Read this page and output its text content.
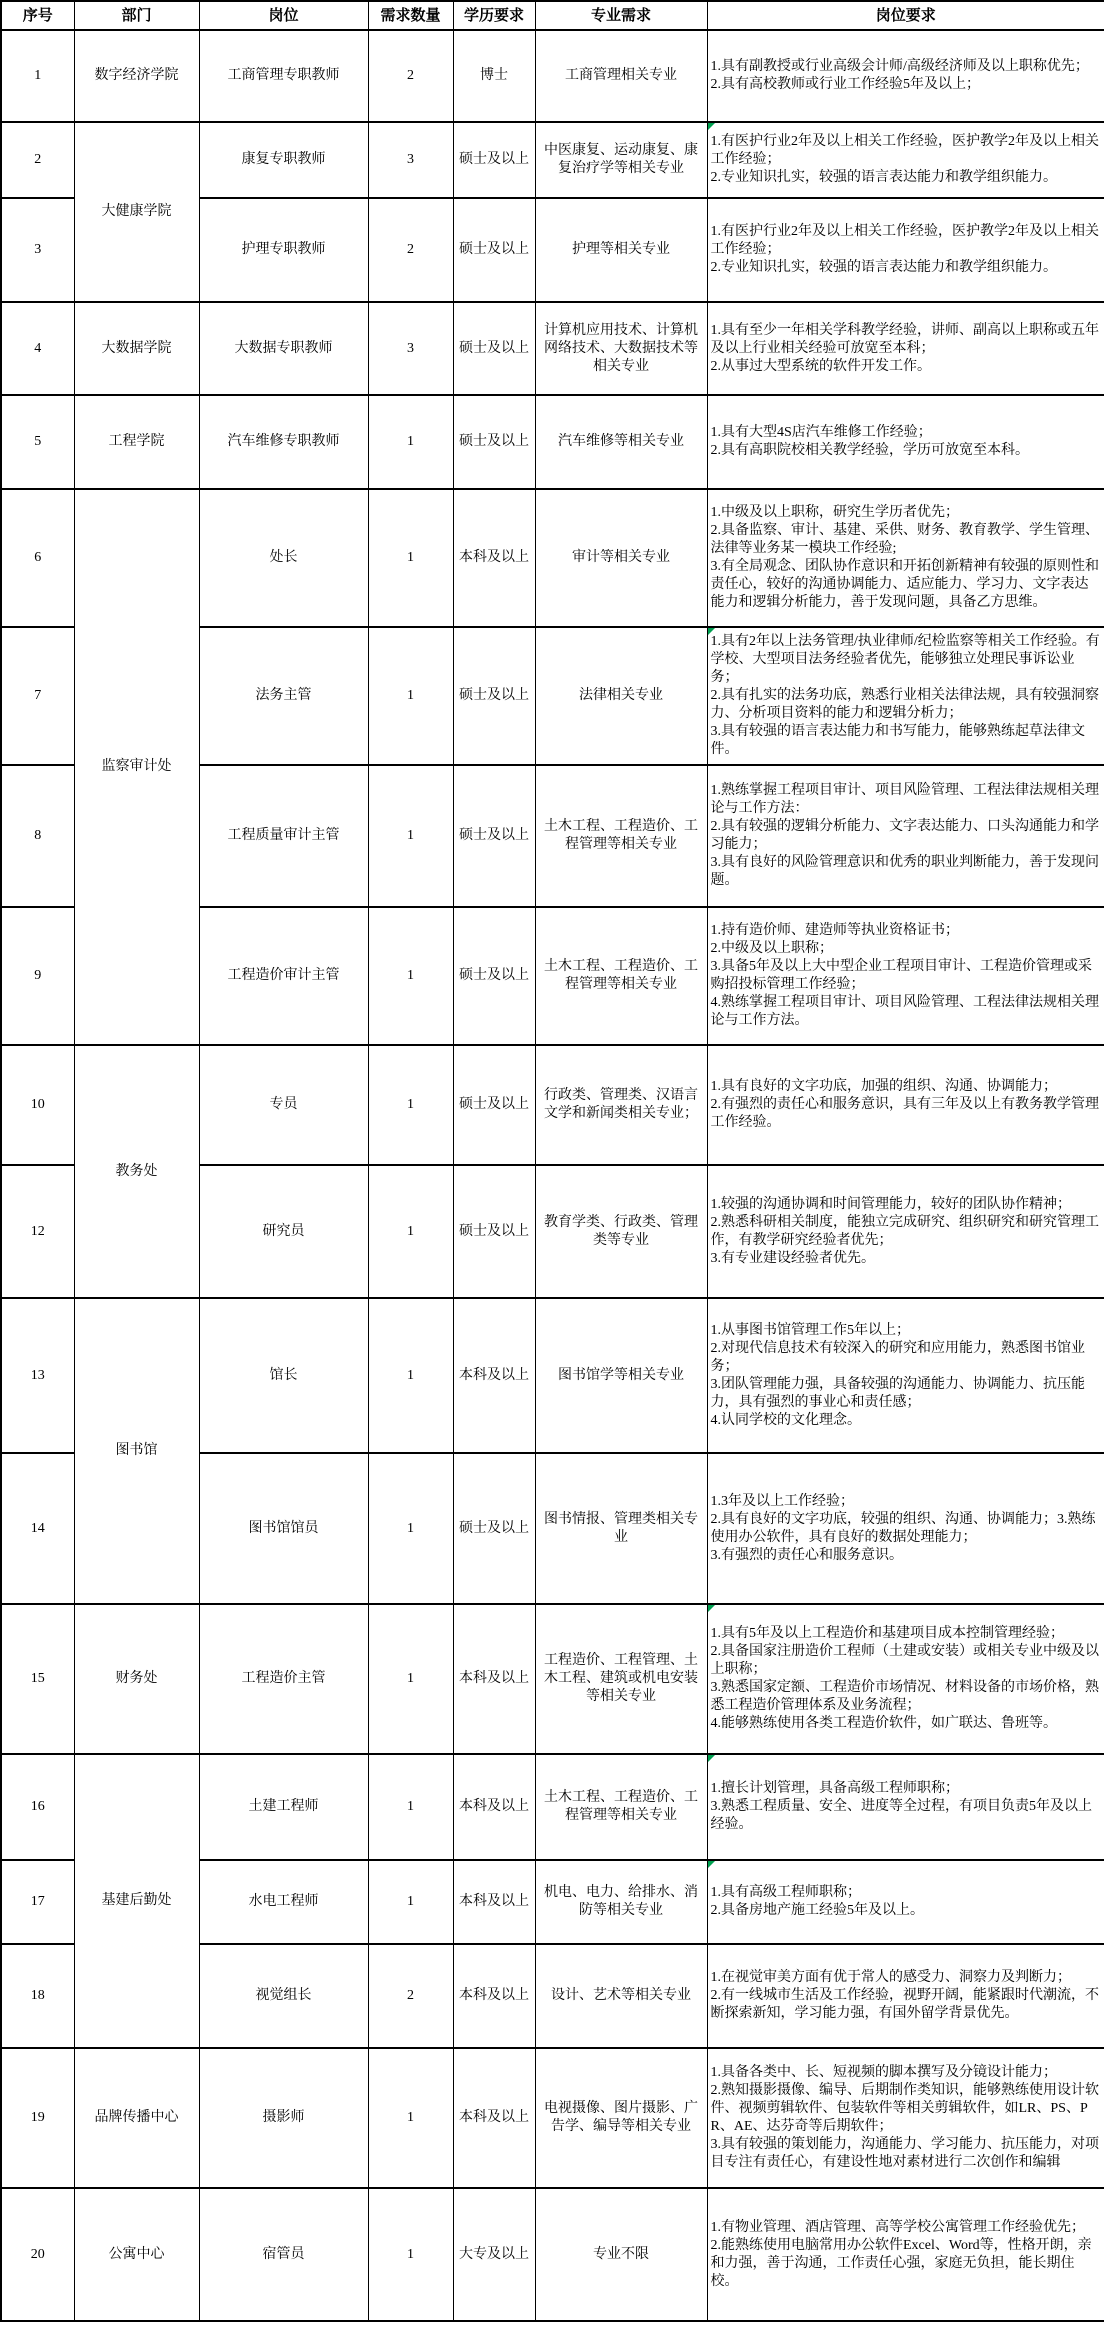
序号	部门	岗位	需求数量	学历要求	专业需求	岗位要求
1	数字经济学院	工商管理专职教师	2	博士	工商管理相关专业	1.具有副教授或行业高级会计师/高级经济师及以上职称优先；
2.具有高校教师或行业工作经验5年及以上；

2	大健康学院	康复专职教师	3	硕士及以上	中医康复、运动康复、康复治疗学等相关专业	1.有医护行业2年及以上相关工作经验，医护教学2年及以上相关工作经验；
2.专业知识扎实，较强的语言表达能力和教学组织能力。

3		护理专职教师	2	硕士及以上	护理等相关专业	1.有医护行业2年及以上相关工作经验，医护教学2年及以上相关工作经验；
2.专业知识扎实，较强的语言表达能力和教学组织能力。

4	大数据学院	大数据专职教师	3	硕士及以上	计算机应用技术、计算机网络技术、大数据技术等相关专业	1.具有至少一年相关学科教学经验，讲师、副高以上职称或五年及以上行业相关经验可放宽至本科；
2.从事过大型系统的软件开发工作。

5	工程学院	汽车维修专职教师	1	硕士及以上	汽车维修等相关专业	1.具有大型4S店汽车维修工作经验；
2.具有高职院校相关教学经验，学历可放宽至本科。

6	监察审计处	处长	1	本科及以上	审计等相关专业	1.中级及以上职称，研究生学历者优先；
2.具备监察、审计、基建、采供、财务、教育教学、学生管理、法律等业务某一模块工作经验;
3.有全局观念、团队协作意识和开拓创新精神有较强的原则性和责任心，较好的沟通协调能力、适应能力、学习力、文字表达能力和逻辑分析能力，善于发现问题，具备乙方思维。

7		法务主管	1	硕士及以上	法律相关专业	1.具有2年以上法务管理/执业律师/纪检监察等相关工作经验。有学校、大型项目法务经验者优先，能够独立处理民事诉讼业务；
2.具有扎实的法务功底，熟悉行业相关法律法规，具有较强洞察力、分析项目资料的能力和逻辑分析力；
3.具有较强的语言表达能力和书写能力，能够熟练起草法律文件。

8		工程质量审计主管	1	硕士及以上	土木工程、工程造价、工程管理等相关专业	1.熟练掌握工程项目审计、项目风险管理、工程法律法规相关理论与工作方法：
2.具有较强的逻辑分析能力、文字表达能力、口头沟通能力和学习能力；
3.具有良好的风险管理意识和优秀的职业判断能力，善于发现问题。

9		工程造价审计主管	1	硕士及以上	土木工程、工程造价、工程管理等相关专业	1.持有造价师、建造师等执业资格证书；
2.中级及以上职称；
3.具备5年及以上大中型企业工程项目审计、工程造价管理或采购招投标管理工作经验；
4.熟练掌握工程项目审计、项目风险管理、工程法律法规相关理论与工作方法。

10	教务处	专员	1	硕士及以上	行政类、管理类、汉语言文学和新闻类相关专业；	1.具有良好的文字功底，加强的组织、沟通、协调能力；
2.有强烈的责任心和服务意识，具有三年及以上有教务教学管理工作经验。

12		研究员	1	硕士及以上	教育学类、行政类、管理类等专业	1.较强的沟通协调和时间管理能力，较好的团队协作精神；
2.熟悉科研相关制度，能独立完成研究、组织研究和研究管理工作，有教学研究经验者优先；
3.有专业建设经验者优先。

13	图书馆	馆长	1	本科及以上	图书馆学等相关专业	1.从事图书馆管理工作5年以上；
2.对现代信息技术有较深入的研究和应用能力，熟悉图书馆业务；
3.团队管理能力强，具备较强的沟通能力、协调能力、抗压能力，具有强烈的事业心和责任感；
4.认同学校的文化理念。

14		图书馆馆员	1	硕士及以上	图书情报、管理类相关专业	1.3年及以上工作经验；
2.具有良好的文字功底，较强的组织、沟通、协调能力；3.熟练使用办公软件，具有良好的数据处理能力；
3.有强烈的责任心和服务意识。

15	财务处	工程造价主管	1	本科及以上	工程造价、工程管理、土木工程、建筑或机电安装等相关专业	1.具有5年及以上工程造价和基建项目成本控制管理经验；
2.具备国家注册造价工程师（土建或安装）或相关专业中级及以上职称；
3.熟悉国家定额、工程造价市场情况、材料设备的市场价格，熟悉工程造价管理体系及业务流程；
4.能够熟练使用各类工程造价软件，如广联达、鲁班等。

16	基建后勤处	土建工程师	1	本科及以上	土木工程、工程造价、工程管理等相关专业	1.擅长计划管理，具备高级工程师职称；
3.熟悉工程质量、安全、进度等全过程，有项目负责5年及以上经验。

17		水电工程师	1	本科及以上	机电、电力、给排水、消防等相关专业	1.具有高级工程师职称；
2.具备房地产施工经验5年及以上。

18		视觉组长	2	本科及以上	设计、艺术等相关专业	1.在视觉审美方面有优于常人的感受力、洞察力及判断力；
2.有一线城市生活及工作经验，视野开阔，能紧跟时代潮流，不断探索新知，学习能力强，有国外留学背景优先。

19	品牌传播中心	摄影师	1	本科及以上	电视摄像、图片摄影、广告学、编导等相关专业	1.具备各类中、长、短视频的脚本撰写及分镜设计能力；
2.熟知摄影摄像、编导、后期制作类知识，能够熟练使用设计软件、视频剪辑软件、包装软件等相关剪辑软件，如LR、PS、PR、AE、达芬奇等后期软件；
3.具有较强的策划能力，沟通能力、学习能力、抗压能力，对项目专注有责任心，有建设性地对素材进行二次创作和编辑

20	公寓中心	宿管员	1	大专及以上	专业不限	1.有物业管理、酒店管理、高等学校公寓管理工作经验优先；
2.能熟练使用电脑常用办公软件Excel、Word等，性格开朗，亲和力强，善于沟通，工作责任心强，家庭无负担，能长期住校。
